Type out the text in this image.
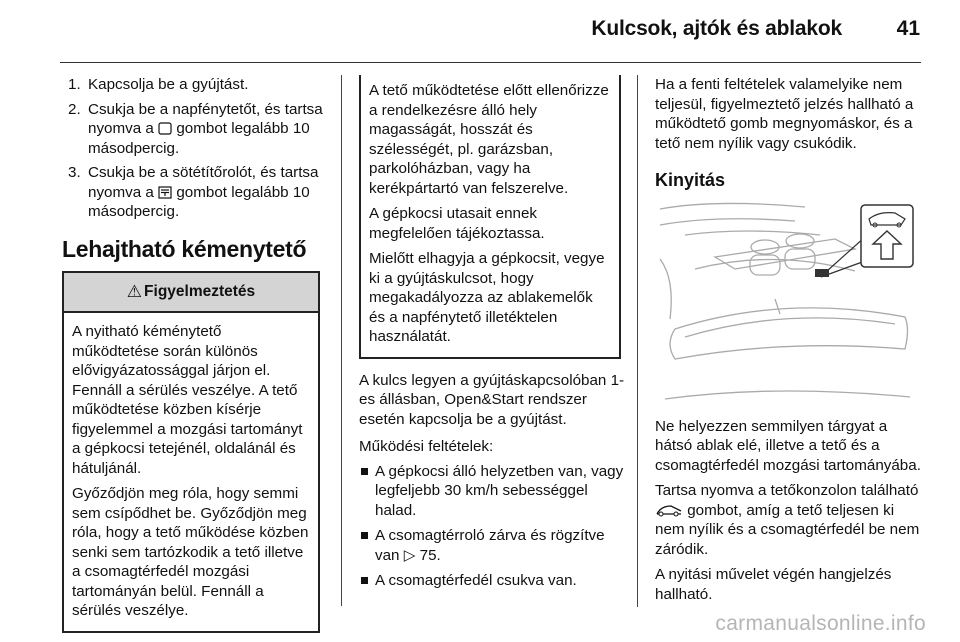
Kulcsok, ajtók és ablakok	41
1. Kapcsolja be a gyújtást.
2. Csukja be a napfénytetőt, és tartsa nyomva a gombot legalább 10 másodpercig.
3. Csukja be a sötétítőrolót, és tartsa nyomva a gombot legalább 10 másodpercig.
Lehajtható kémenytető
⚠ Figyelmeztetés

A nyitható kéménytető működtetése során különös elővigyázatossággal járjon el. Fennáll a sérülés veszélye. A tető működtetése közben kísérje figyelemmel a mozgási tartományt a gépkocsi tetejénél, oldalánál és hátuljánál.

Győződjön meg róla, hogy semmi sem csípődhet be. Győződjön meg róla, hogy a tető működése közben senki sem tartózkodik a tető illetve a csomagtérfedél mozgási tartományán belül. Fennáll a sérülés veszélye.

A tető működtetése előtt ellenőrizze a rendelkezésre álló hely magasságát, hosszát és szélességét, pl. garázsban, parkolóházban, vagy ha kerékpártartó van felszerelve.

A gépkocsi utasait ennek megfelelően tájékoztassa.

Mielőtt elhagyja a gépkocsit, vegye ki a gyújtáskulcsot, hogy megakadályozza az ablakemelők és a napfénytető illetéktelen használatát.

A kulcs legyen a gyújtáskapcsolóban 1-es állásban, Open&Start rendszer esetén kapcsolja be a gyújtást.

Működési feltételek:

A gépkocsi álló helyzetben van, vagy legfeljebb 30 km/h sebességgel halad.
A csomagtérroló zárva és rögzítve van ▷ 75.
A csomagtérfedél csukva van.

Ha a fenti feltételek valamelyike nem teljesül, figyelmeztető jelzés hallható a működtető gomb megnyomáskor, és a tető nem nyílik vagy csukódik.

Kinyitás

Ne helyezzen semmilyen tárgyat a hátsó ablak elé, illetve a tető és a csomagtérfedél mozgási tartományába.

Tartsa nyomva a tetőkonzolon található  gombot, amíg a tető teljesen ki nem nyílik és a csomagtérfedél be nem záródik.

A nyitási művelet végén hangjelzés hallható.

carmanualsonline.info
